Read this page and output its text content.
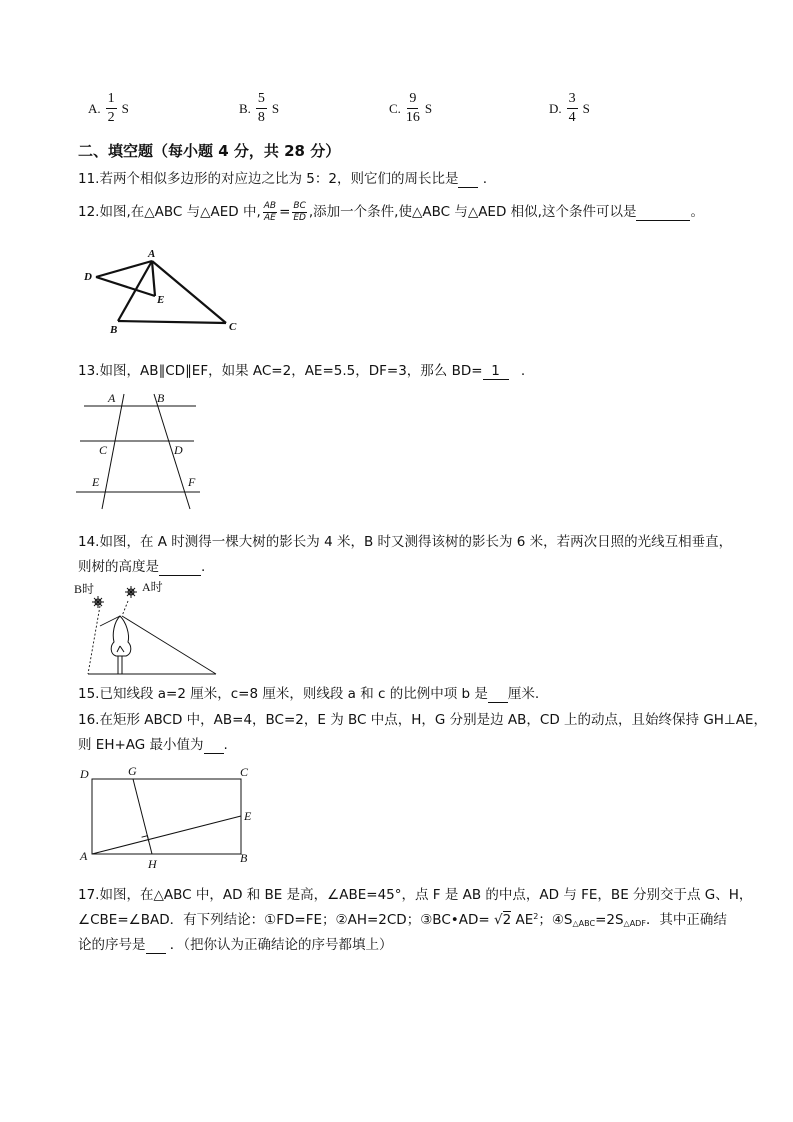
A. $\frac{1}{2}$ S	B. $\frac{5}{8}$ S	C. $\frac{9}{16}$ S	D. $\frac{3}{4}$ S
二、填空题（每小题 4 分，共 28 分）
11.若两个相似多边形的对应边之比为 5：2，则它们的周长比是 .
12.如图,在△ABC 与△AED 中, $\frac{AB}{AE} = \frac{BC}{ED}$ ,添加一个条件,使△ABC 与△AED 相似,这个条件可以是	。
A
D
E
B	C
13.如图，AB∥CD∥EF，如果 AC=2，AE=5.5，DF=3，那么 BD= 1 .
A	B
C	D
E	F
14.如图，在 A 时测得一棵大树的影长为 4 米，B 时又测得该树的影长为 6 米，若两次日照的光线互相垂直，
则树的高度是	.
B时	A时
15.已知线段 a=2 厘米，c=8 厘米，则线段 a 和 c 的比例中项 b 是 厘米.
16.在矩形 ABCD 中，AB=4，BC=2，E 为 BC 中点，H，G 分别是边 AB，CD 上的动点，且始终保持 GH⊥AE，
则 EH+AG 最小值为 .
D	G	C
E
A
H	B
17.如图，在△ABC 中，AD 和 BE 是高，∠ABE=45°，点 F 是 AB 的中点，AD 与 FE，BE 分别交于点 G、H，
∠CBE=∠BAD．有下列结论：①FD=FE；②AH=2CD；③BC•AD= √2 $AE^2$；$④S_{\triangle ABC}=2S_{\triangle ADF}$．其中正确结
论的序号是 ．（把你认为正确结论的序号都填上）
